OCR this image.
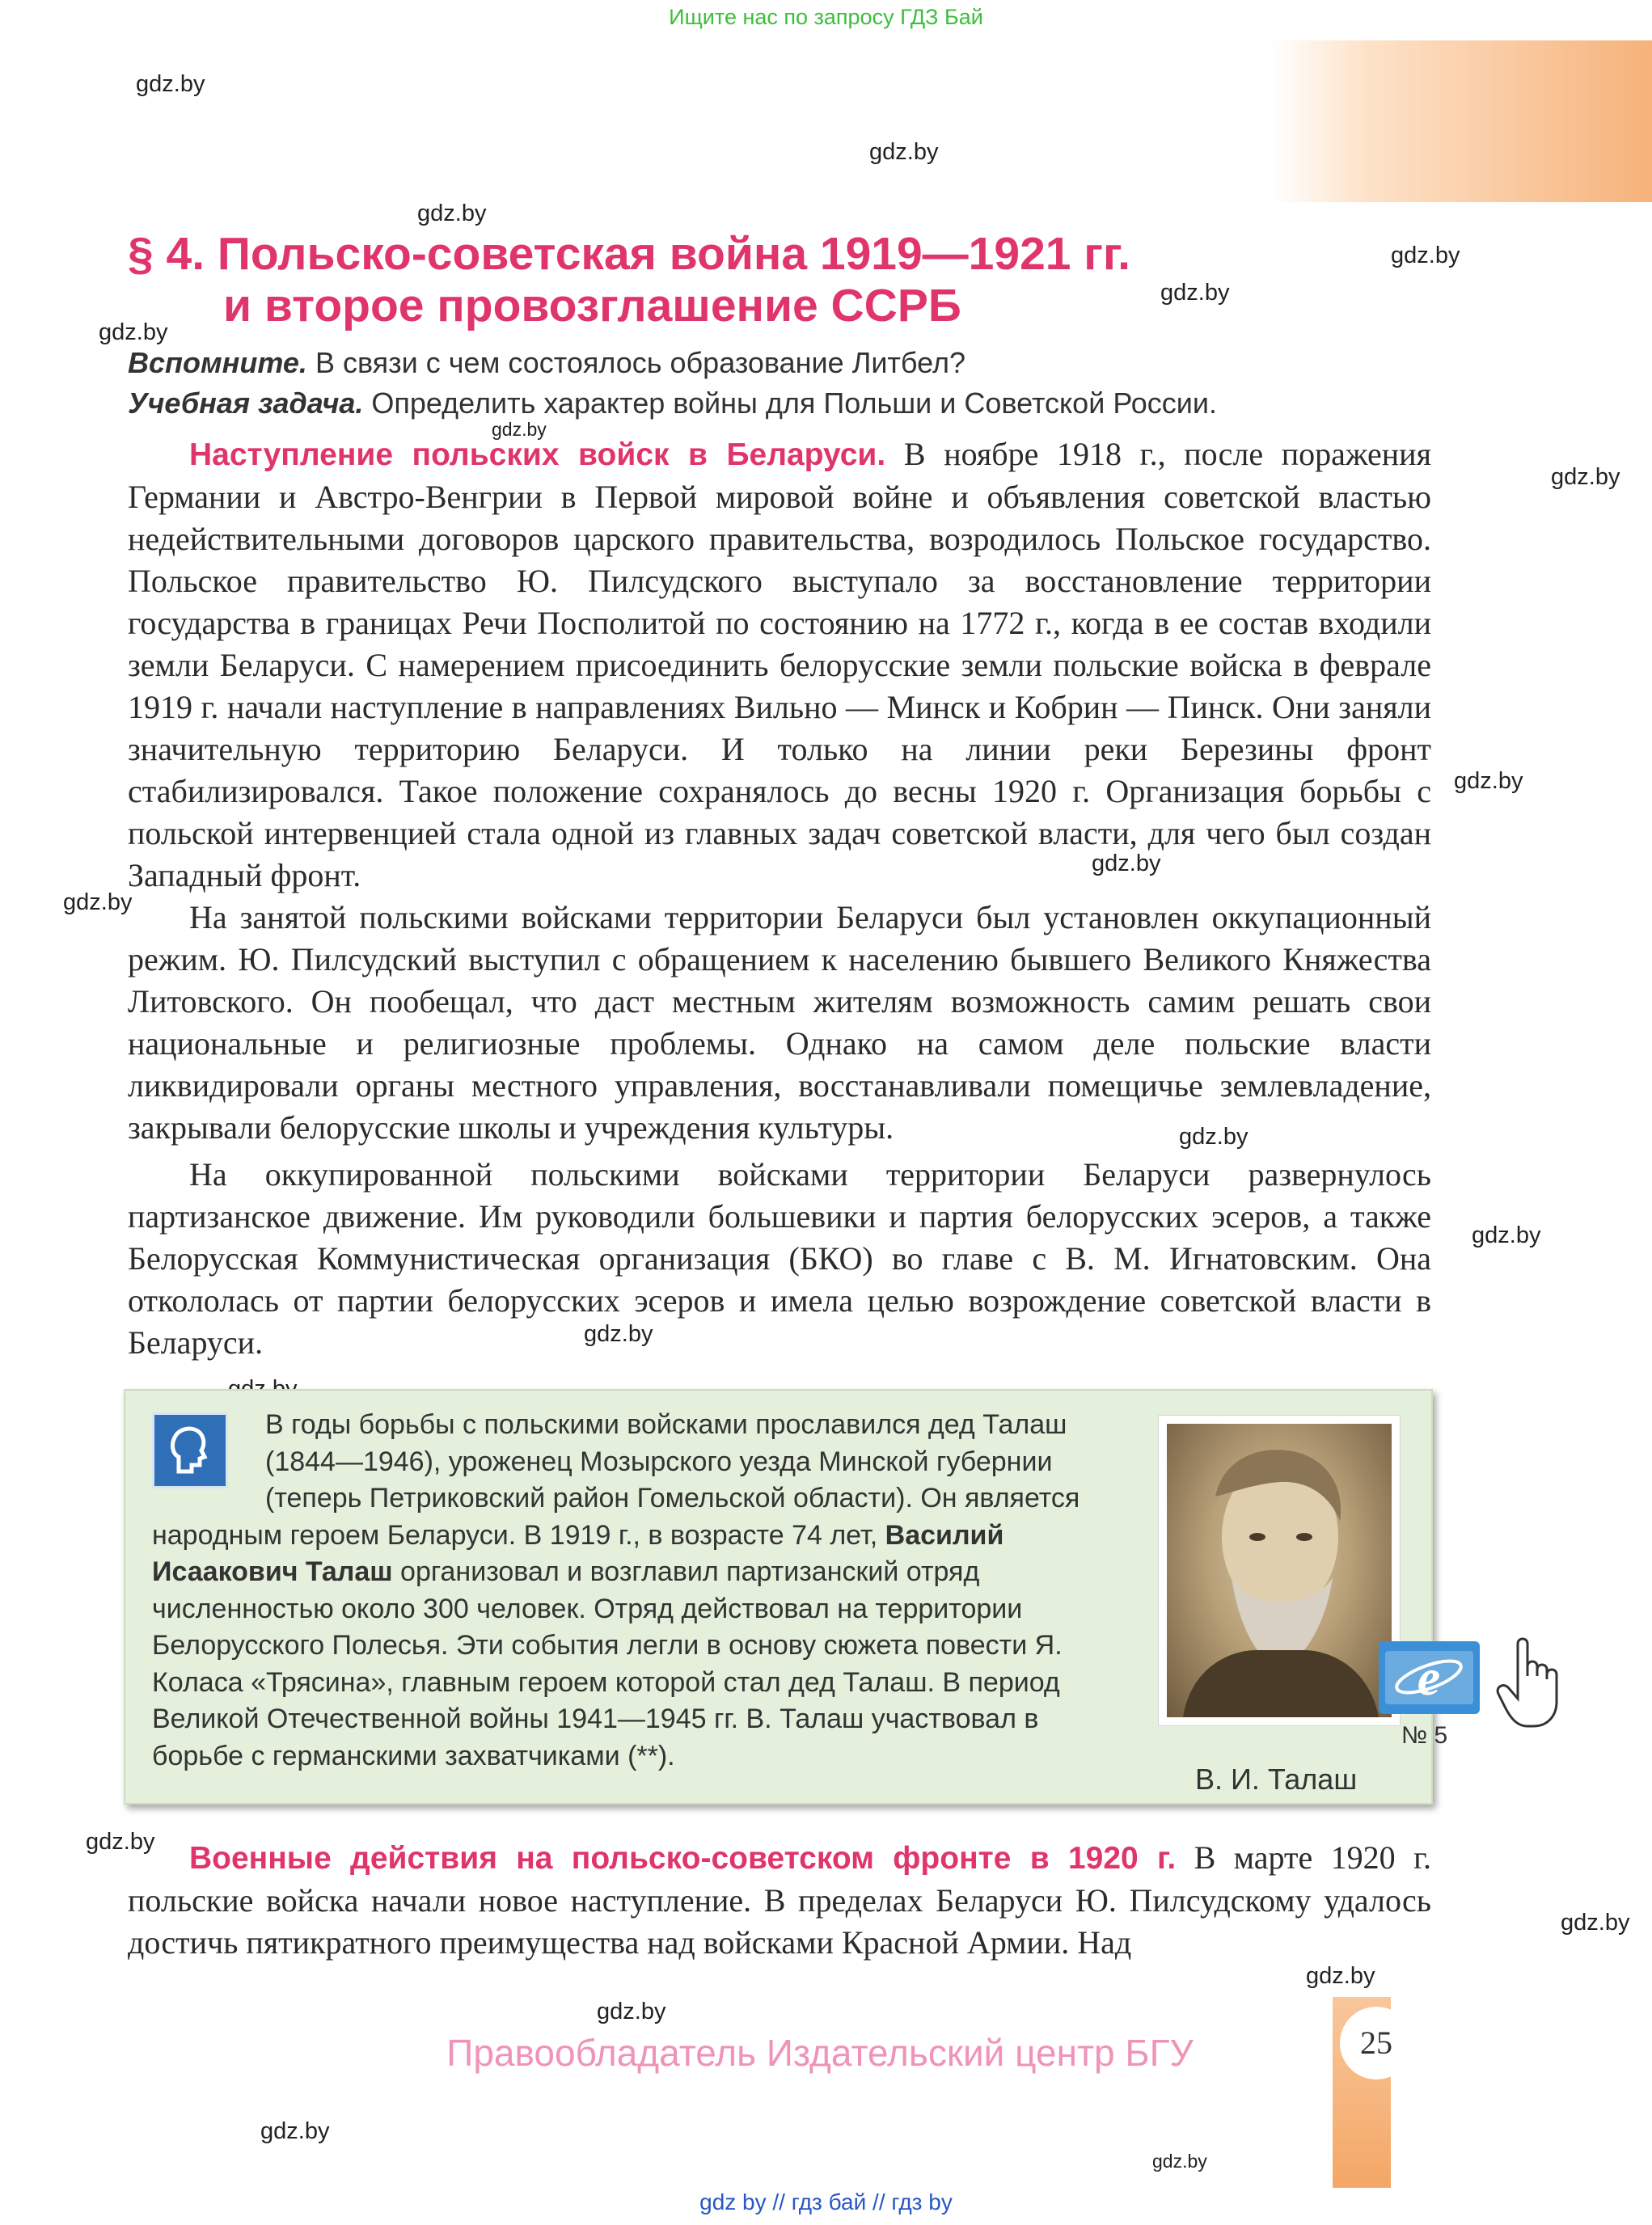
Ищите нас по запросу ГДЗ Бай
gdz.by
gdz.by
gdz.by
gdz.by
gdz.by
gdz.by
gdz.by
gdz.by
gdz.by
gdz.by
gdz.by
gdz.by
gdz.by
gdz.by
gdz.by
gdz.by
gdz.by
gdz.by
gdz.by
gdz.by
§ 4. Польско-советская война 1919—1921 гг.
и второе провозглашение ССРБ
Вспомните. В связи с чем состоялось образование Литбел?
Учебная задача. Определить характер войны для Польши и Советской России.

Наступление польских войск в Беларуси. В ноябре 1918 г., после поражения Германии и Австро-Венгрии в Первой мировой войне и объявления советской властью недействительными договоров царского правительства, возродилось Польское государство. Польское правительство Ю. Пилсудского выступало за восстановление территории государства в границах Речи Посполитой по состоянию на 1772 г., когда в ее состав входили земли Беларуси. С намерением присоединить белорусские земли польские войска в феврале 1919 г. начали наступление в направлениях Вильно — Минск и Кобрин — Пинск. Они заняли значительную территорию Беларуси. И только на линии реки Березины фронт стабилизировался. Такое положение сохранялось до весны 1920 г. Организация борьбы с польской интервенцией стала одной из главных задач советской власти, для чего был создан Западный фронт.

На занятой польскими войсками территории Беларуси был установлен оккупационный режим. Ю. Пилсудский выступил с обращением к населению бывшего Великого Княжества Литовского. Он пообещал, что даст местным жителям возможность самим решать свои национальные и религиозные проблемы. Однако на самом деле польские власти ликвидировали органы местного управления, восстанавливали помещичье землевладение, закрывали белорусские школы и учреждения культуры.

На оккупированной польскими войсками территории Беларуси развернулось партизанское движение. Им руководили большевики и партия белорусских эсеров, а также Белорусская Коммунистическая организация (БКО) во главе с В. М. Игнатовским. Она откололась от партии белорусских эсеров и имела целью возрождение советской власти в Беларуси.

В годы борьбы с польскими войсками прославился дед Талаш (1844—1946), уроженец Мозырского уезда Минской губернии (теперь Петриковский район Гомельской области). Он является народным героем Беларуси. В 1919 г., в возрасте 74 лет, Василий Исаакович Талаш организовал и возглавил партизанский отряд численностью около 300 человек. Отряд действовал на территории Белорусского Полесья. Эти события легли в основу сюжета повести Я. Коласа «Трясина», главным героем которой стал дед Талаш. В период Великой Отечественной войны 1941—1945 гг. В. Талаш участвовал в борьбе с германскими захватчиками (**).
В. И. Талаш
e
№ 5

Военные действия на польско-советском фронте в 1920 г. В марте 1920 г. польские войска начали новое наступление. В пределах Беларуси Ю. Пилсудскому удалось достичь пятикратного преимущества над войсками Красной Армии. Над

25
Правообладатель Издательский центр БГУ
gdz by // гдз бай // гдз by
